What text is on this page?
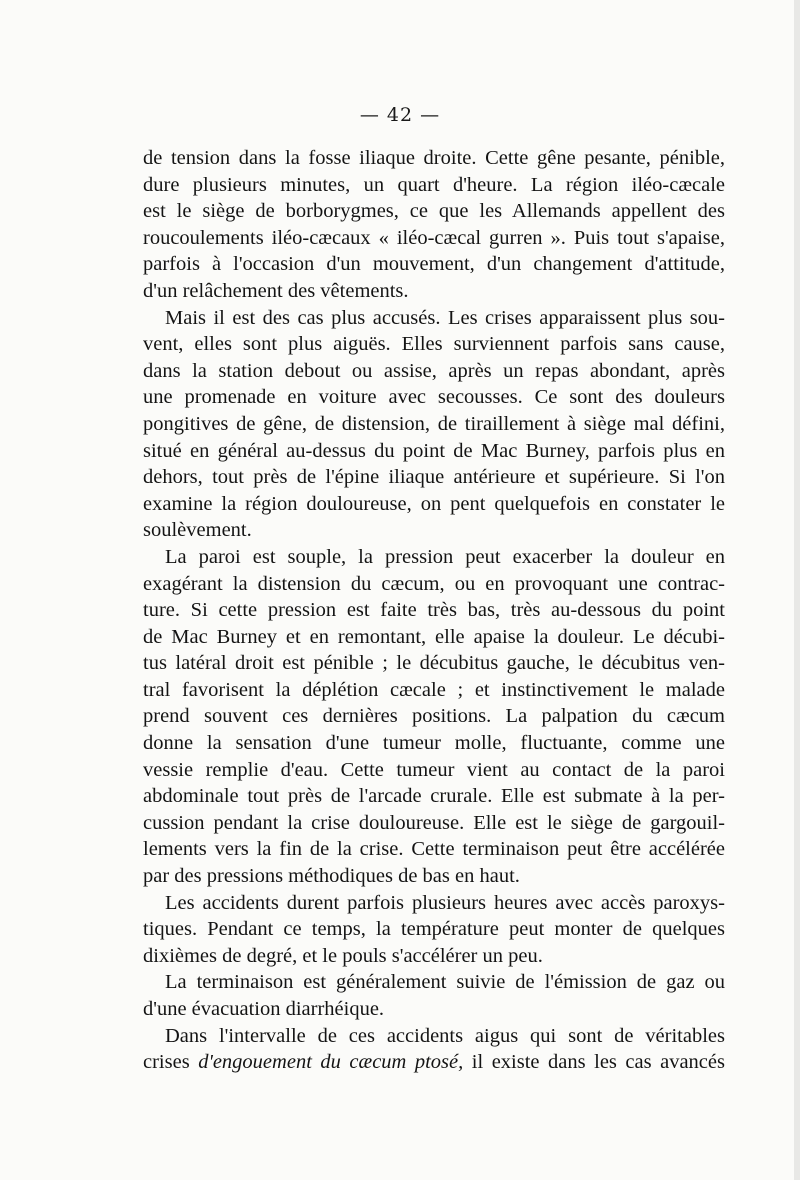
— 42 —

de tension dans la fosse iliaque droite. Cette gêne pesante, pénible,
dure plusieurs minutes, un quart d'heure. La région iléo-cæcale
est le siège de borborygmes, ce que les Allemands appellent des
roucoulements iléo-cæcaux « iléo-cæcal gurren ». Puis tout s'apaise,
parfois à l'occasion d'un mouvement, d'un changement d'attitude,
d'un relâchement des vêtements.

Mais il est des cas plus accusés. Les crises apparaissent plus sou-
vent, elles sont plus aiguës. Elles surviennent parfois sans cause,
dans la station debout ou assise, après un repas abondant, après
une promenade en voiture avec secousses. Ce sont des douleurs
pongitives de gêne, de distension, de tiraillement à siège mal défini,
situé en général au-dessus du point de Mac Burney, parfois plus en
dehors, tout près de l'épine iliaque antérieure et supérieure. Si l'on
examine la région douloureuse, on pent quelquefois en constater le
soulèvement.

La paroi est souple, la pression peut exacerber la douleur en
exagérant la distension du cæcum, ou en provoquant une contrac-
ture. Si cette pression est faite très bas, très au-dessous du point
de Mac Burney et en remontant, elle apaise la douleur. Le décubi-
tus latéral droit est pénible ; le décubitus gauche, le décubitus ven-
tral favorisent la déplétion cæcale ; et instinctivement le malade
prend souvent ces dernières positions. La palpation du cæcum
donne la sensation d'une tumeur molle, fluctuante, comme une
vessie remplie d'eau. Cette tumeur vient au contact de la paroi
abdominale tout près de l'arcade crurale. Elle est submate à la per-
cussion pendant la crise douloureuse. Elle est le siège de gargouil-
lements vers la fin de la crise. Cette terminaison peut être accélérée
par des pressions méthodiques de bas en haut.

Les accidents durent parfois plusieurs heures avec accès paroxys-
tiques. Pendant ce temps, la température peut monter de quelques
dixièmes de degré, et le pouls s'accélérer un peu.

La terminaison est généralement suivie de l'émission de gaz ou
d'une évacuation diarrhéique.

Dans l'intervalle de ces accidents aigus qui sont de véritables
crises d'engouement du cæcum ptosé, il existe dans les cas avancés
